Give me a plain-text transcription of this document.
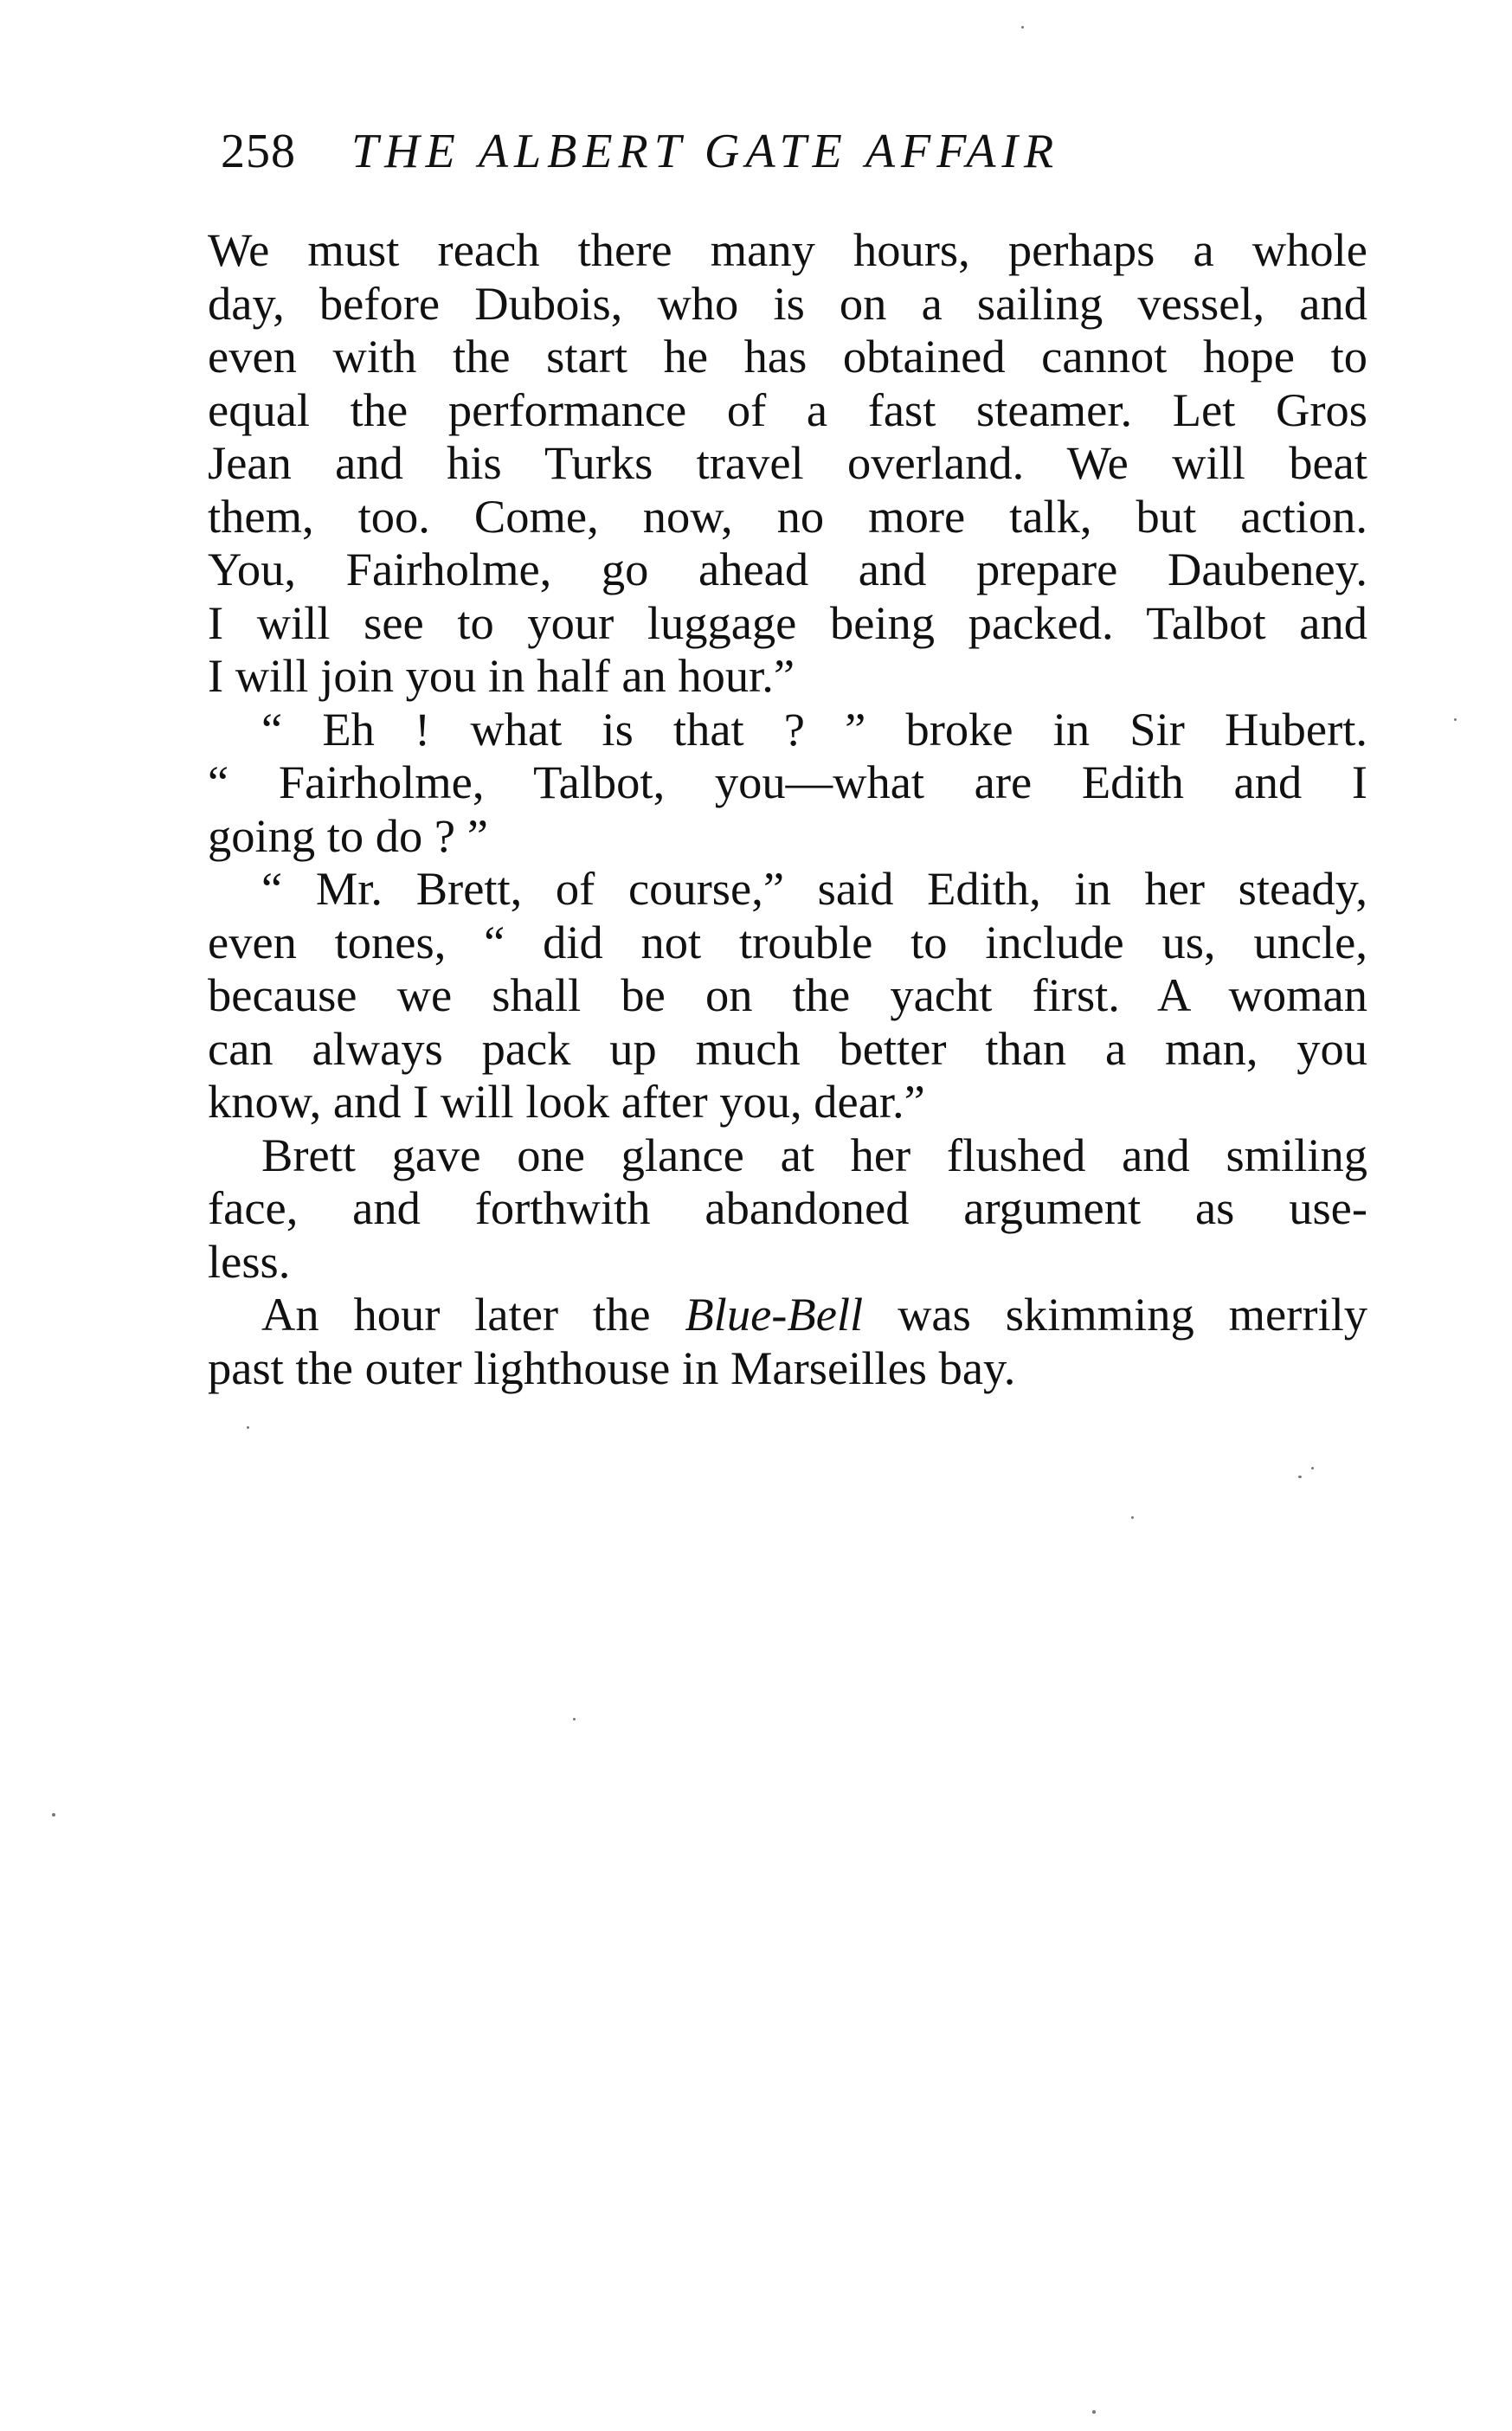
258 THE ALBERT GATE AFFAIR
We must reach there many hours, perhaps a whole
day, before Dubois, who is on a sailing vessel, and
even with the start he has obtained cannot hope to
equal the performance of a fast steamer. Let Gros
Jean and his Turks travel overland. We will beat
them, too. Come, now, no more talk, but action.
You, Fairholme, go ahead and prepare Daubeney.
I will see to your luggage being packed. Talbot and
I will join you in half an hour.”
“ Eh ! what is that ? ” broke in Sir Hubert.
“ Fairholme, Talbot, you—what are Edith and I
going to do ? ”
“ Mr. Brett, of course,” said Edith, in her steady,
even tones, “ did not trouble to include us, uncle,
because we shall be on the yacht first. A woman
can always pack up much better than a man, you
know, and I will look after you, dear.”
Brett gave one glance at her flushed and smiling
face, and forthwith abandoned argument as use-
less.
An hour later the Blue-Bell was skimming merrily
past the outer lighthouse in Marseilles bay.
